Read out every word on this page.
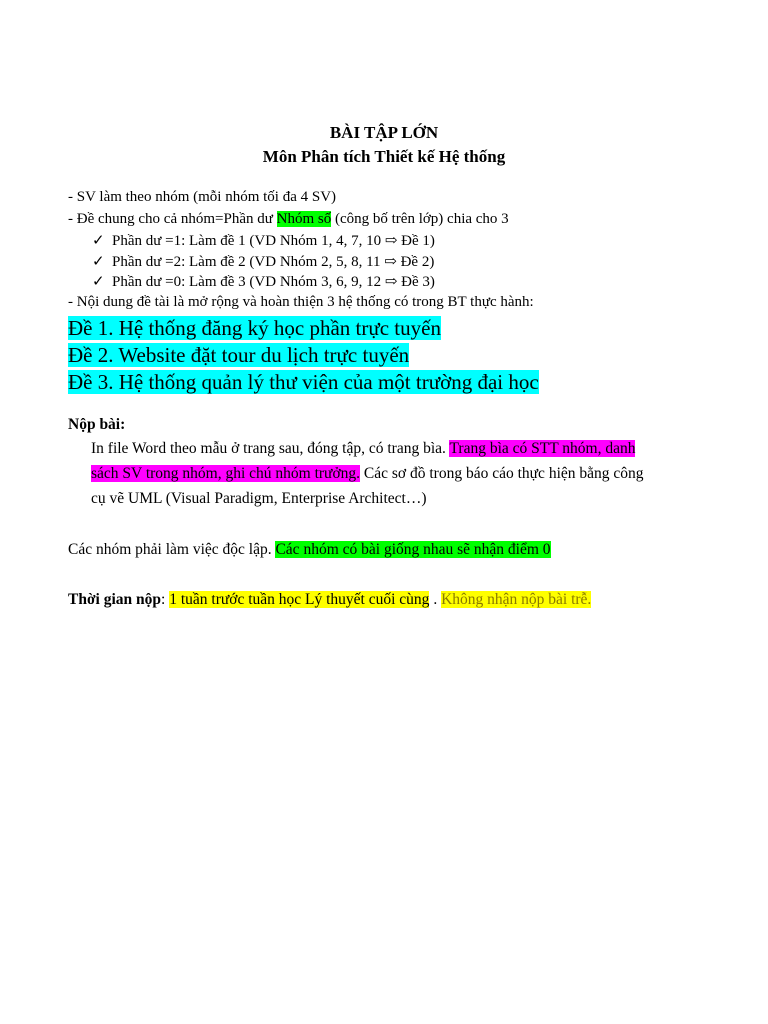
BÀI TẬP LỚN
Môn Phân tích Thiết kế Hệ thống
- SV làm theo nhóm (mỗi nhóm tối đa 4 SV)
- Đề chung cho cả nhóm=Phần dư Nhóm số (công bố trên lớp) chia cho 3
✓ Phần dư =1: Làm đề 1 (VD Nhóm 1, 4, 7, 10 ⇨ Đề 1)
✓ Phần dư =2: Làm đề 2 (VD Nhóm 2, 5, 8, 11 ⇨ Đề 2)
✓ Phần dư =0: Làm đề 3 (VD Nhóm 3, 6, 9, 12 ⇨ Đề 3)
- Nội dung đề tài là mở rộng và hoàn thiện 3 hệ thống có trong BT thực hành:
Đề 1. Hệ thống đăng ký học phần trực tuyến
Đề 2. Website đặt tour du lịch trực tuyến
Đề 3. Hệ thống quản lý thư viện của một trường đại học
Nộp bài:
In file Word theo mẫu ở trang sau, đóng tập, có trang bìa. Trang bìa có STT nhóm, danh
sách SV trong nhóm, ghi chú nhóm trưởng. Các sơ đồ trong báo cáo thực hiện bằng công
cụ vẽ UML (Visual Paradigm, Enterprise Architect…)
Các nhóm phải làm việc độc lập. Các nhóm có bài giống nhau sẽ nhận điểm 0
Thời gian nộp: 1 tuần trước tuần học Lý thuyết cuối cùng . Không nhận nộp bài trễ.
